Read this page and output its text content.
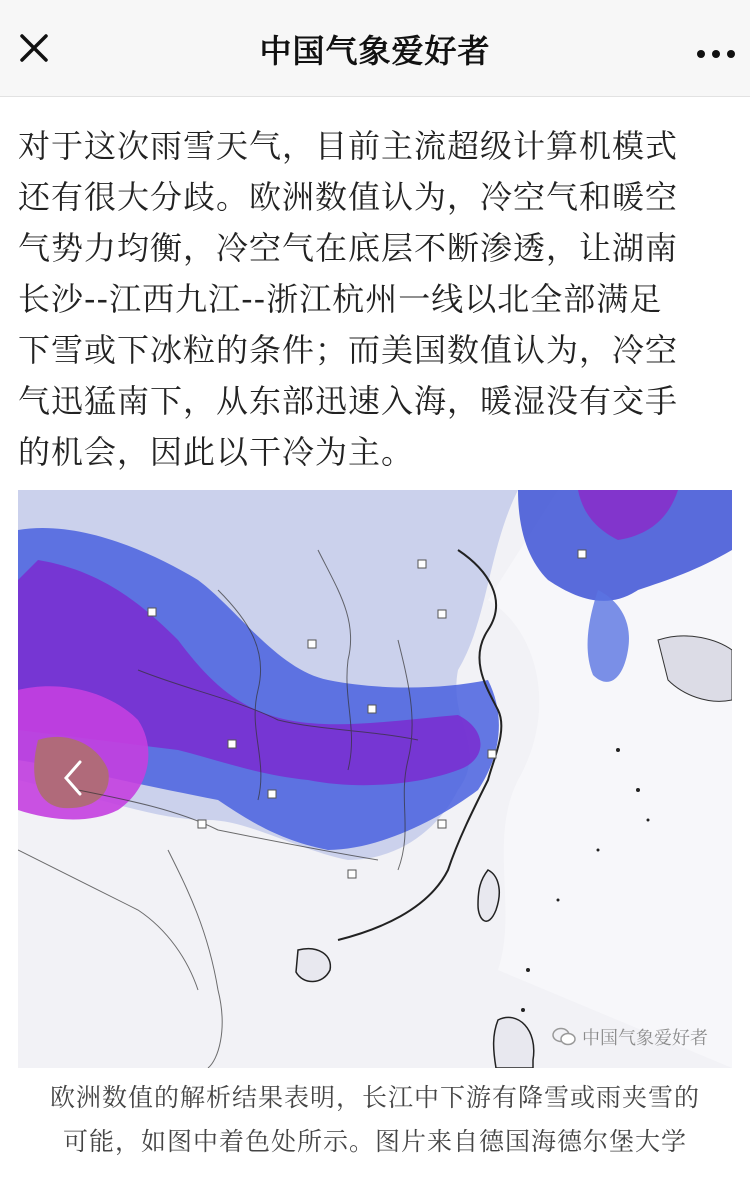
中国气象爱好者

对于这次雨雪天气，目前主流超级计算机模式

还有很大分歧。欧洲数值认为，冷空气和暖空

气势力均衡，冷空气在底层不断渗透，让湖南

长沙--江西九江--浙江杭州一线以北全部满足

下雪或下冰粒的条件；而美国数值认为，冷空

气迅猛南下，从东部迅速入海，暖湿没有交手

的机会，因此以干冷为主。

中国气象爱好者

欧洲数值的解析结果表明，长江中下游有降雪或雨夹雪的

可能，如图中着色处所示。图片来自德国海德尔堡大学
